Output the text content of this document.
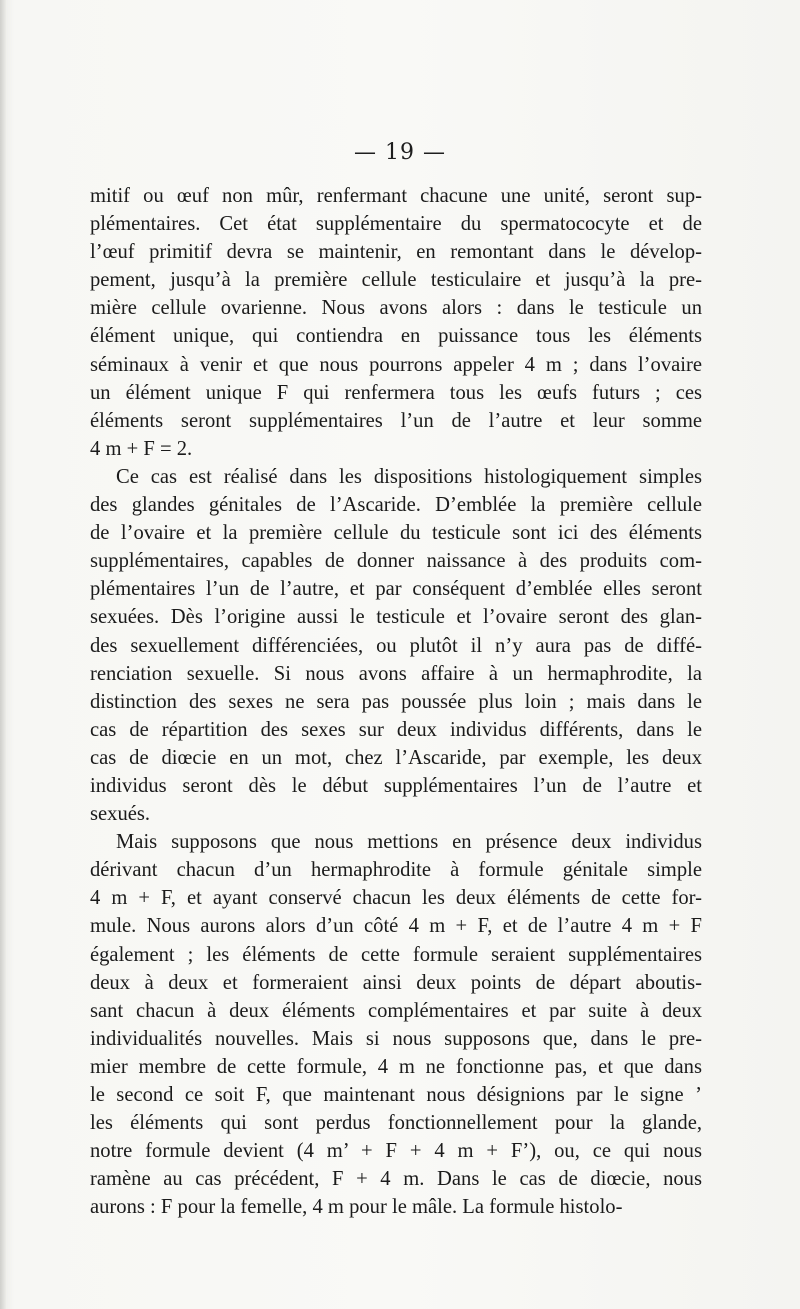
— 19 —
mitif ou œuf non mûr, renfermant chacune une unité, seront sup-
plémentaires. Cet état supplémentaire du spermatococyte et de
l’œuf primitif devra se maintenir, en remontant dans le dévelop-
pement, jusqu’à la première cellule testiculaire et jusqu’à la pre-
mière cellule ovarienne. Nous avons alors : dans le testicule un
élément unique, qui contiendra en puissance tous les éléments
séminaux à venir et que nous pourrons appeler 4 m ; dans l’ovaire
un élément unique F qui renfermera tous les œufs futurs ; ces
éléments seront supplémentaires l’un de l’autre et leur somme
4 m + F = 2.
Ce cas est réalisé dans les dispositions histologiquement simples
des glandes génitales de l’Ascaride. D’emblée la première cellule
de l’ovaire et la première cellule du testicule sont ici des éléments
supplémentaires, capables de donner naissance à des produits com-
plémentaires l’un de l’autre, et par conséquent d’emblée elles seront
sexuées. Dès l’origine aussi le testicule et l’ovaire seront des glan-
des sexuellement différenciées, ou plutôt il n’y aura pas de diffé-
renciation sexuelle. Si nous avons affaire à un hermaphrodite, la
distinction des sexes ne sera pas poussée plus loin ; mais dans le
cas de répartition des sexes sur deux individus différents, dans le
cas de diœcie en un mot, chez l’Ascaride, par exemple, les deux
individus seront dès le début supplémentaires l’un de l’autre et
sexués.
Mais supposons que nous mettions en présence deux individus
dérivant chacun d’un hermaphrodite à formule génitale simple
4 m + F, et ayant conservé chacun les deux éléments de cette for-
mule. Nous aurons alors d’un côté 4 m + F, et de l’autre 4 m + F
également ; les éléments de cette formule seraient supplémentaires
deux à deux et formeraient ainsi deux points de départ aboutis-
sant chacun à deux éléments complémentaires et par suite à deux
individualités nouvelles. Mais si nous supposons que, dans le pre-
mier membre de cette formule, 4 m ne fonctionne pas, et que dans
le second ce soit F, que maintenant nous désignions par le signe ’
les éléments qui sont perdus fonctionnellement pour la glande,
notre formule devient (4 m’ + F + 4 m + F’), ou, ce qui nous
ramène au cas précédent, F + 4 m. Dans le cas de diœcie, nous
aurons : F pour la femelle, 4 m pour le mâle. La formule histolo-
